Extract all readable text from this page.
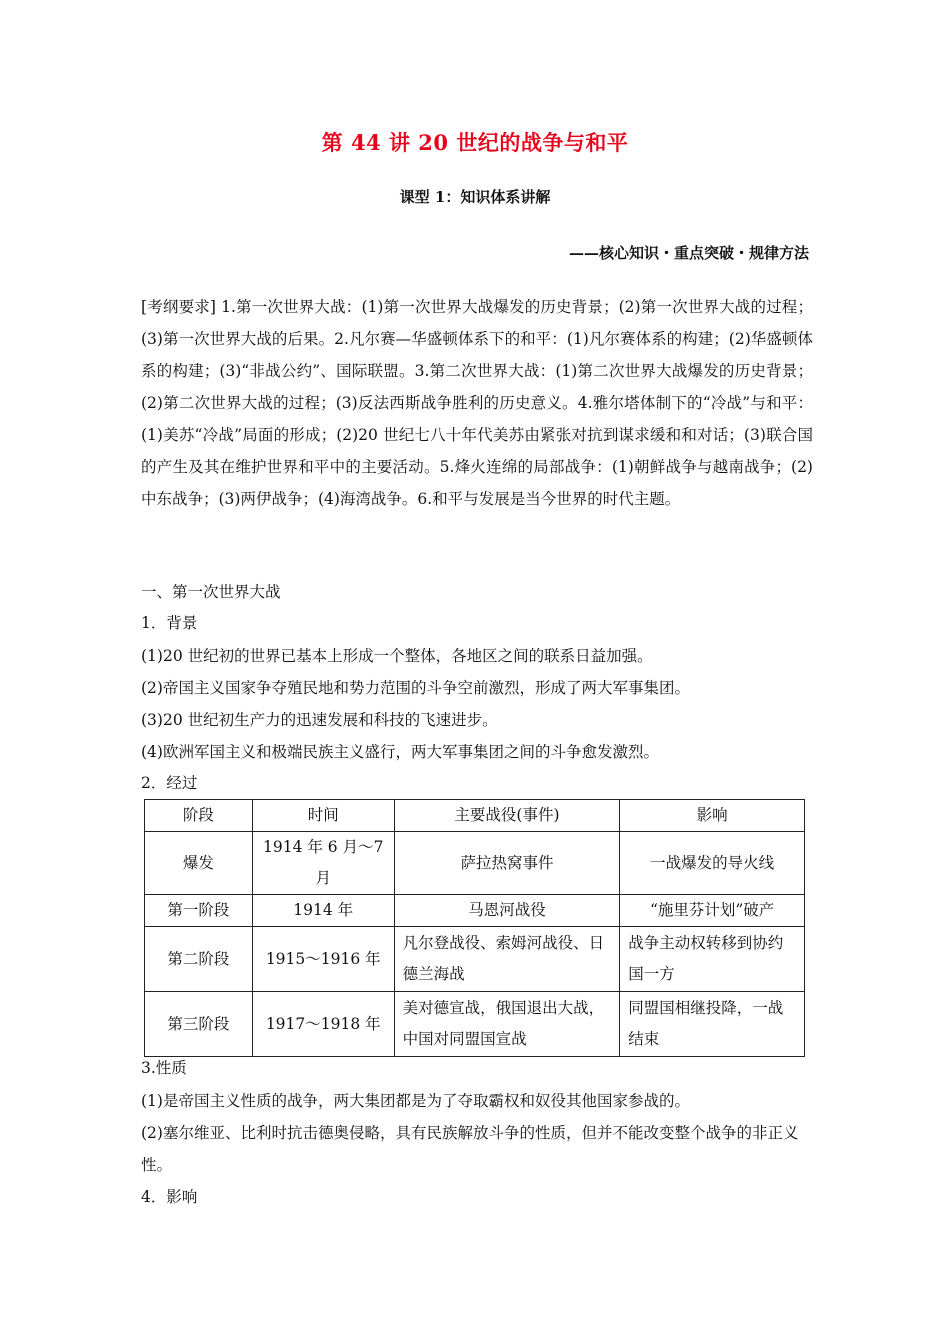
第 44 讲 20 世纪的战争与和平
课型 1：知识体系讲解
——核心知识・重点突破・规律方法
[考纲要求] 1.第一次世界大战：(1)第一次世界大战爆发的历史背景；(2)第一次世界大战的过程；(3)第一次世界大战的后果。2.凡尔赛—华盛顿体系下的和平：(1)凡尔赛体系的构建；(2)华盛顿体系的构建；(3)“非战公约”、国际联盟。3.第二次世界大战：(1)第二次世界大战爆发的历史背景；(2)第二次世界大战的过程；(3)反法西斯战争胜利的历史意义。4.雅尔塔体制下的“冷战”与和平：(1)美苏“冷战”局面的形成；(2)20 世纪七八十年代美苏由紧张对抗到谋求缓和和对话；(3)联合国的产生及其在维护世界和平中的主要活动。5.烽火连绵的局部战争：(1)朝鲜战争与越南战争；(2)中东战争；(3)两伊战争；(4)海湾战争。6.和平与发展是当今世界的时代主题。
一、第一次世界大战
1．背景
(1)20 世纪初的世界已基本上形成一个整体，各地区之间的联系日益加强。
(2)帝国主义国家争夺殖民地和势力范围的斗争空前激烈，形成了两大军事集团。
(3)20 世纪初生产力的迅速发展和科技的飞速进步。
(4)欧洲军国主义和极端民族主义盛行，两大军事集团之间的斗争愈发激烈。
2．经过
阶段	时间	主要战役(事件)	影响
爆发	1914 年 6 月～7 月	萨拉热窝事件	一战爆发的导火线
第一阶段	1914 年	马恩河战役	“施里芬计划”破产
第二阶段	1915～1916 年	凡尔登战役、索姆河战役、日德兰海战	战争主动权转移到协约国一方
第三阶段	1917～1918 年	美对德宣战，俄国退出大战，中国对同盟国宣战	同盟国相继投降，一战结束
3.性质
(1)是帝国主义性质的战争，两大集团都是为了夺取霸权和奴役其他国家参战的。
(2)塞尔维亚、比利时抗击德奥侵略，具有民族解放斗争的性质，但并不能改变整个战争的非正义性。
4．影响
